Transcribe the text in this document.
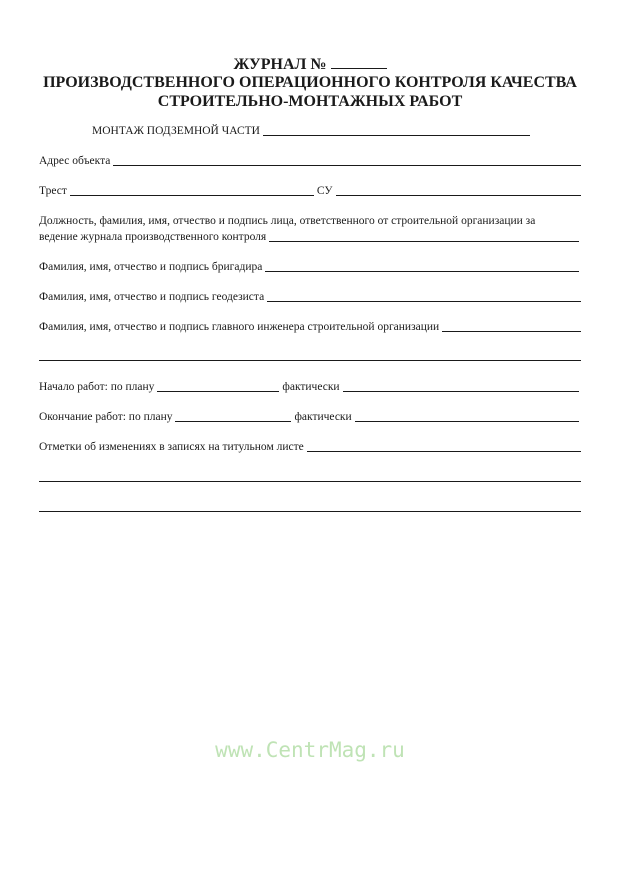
ЖУРНАЛ №
ПРОИЗВОДСТВЕННОГО ОПЕРАЦИОННОГО КОНТРОЛЯ КАЧЕСТВА
СТРОИТЕЛЬНО-МОНТАЖНЫХ РАБОТ
МОНТАЖ ПОДЗЕМНОЙ ЧАСТИ
Адрес объекта
Трест	СУ
Должность, фамилия, имя, отчество и подпись лица, ответственного от строительной организации за
ведение журнала производственного контроля
Фамилия, имя, отчество и подпись бригадира
Фамилия, имя, отчество и подпись геодезиста
Фамилия, имя, отчество и подпись главного инженера строительной организации
Начало работ: по плану	фактически
Окончание работ: по плану	фактически
Отметки об изменениях в записях на титульном листе
www.CentrMag.ru
